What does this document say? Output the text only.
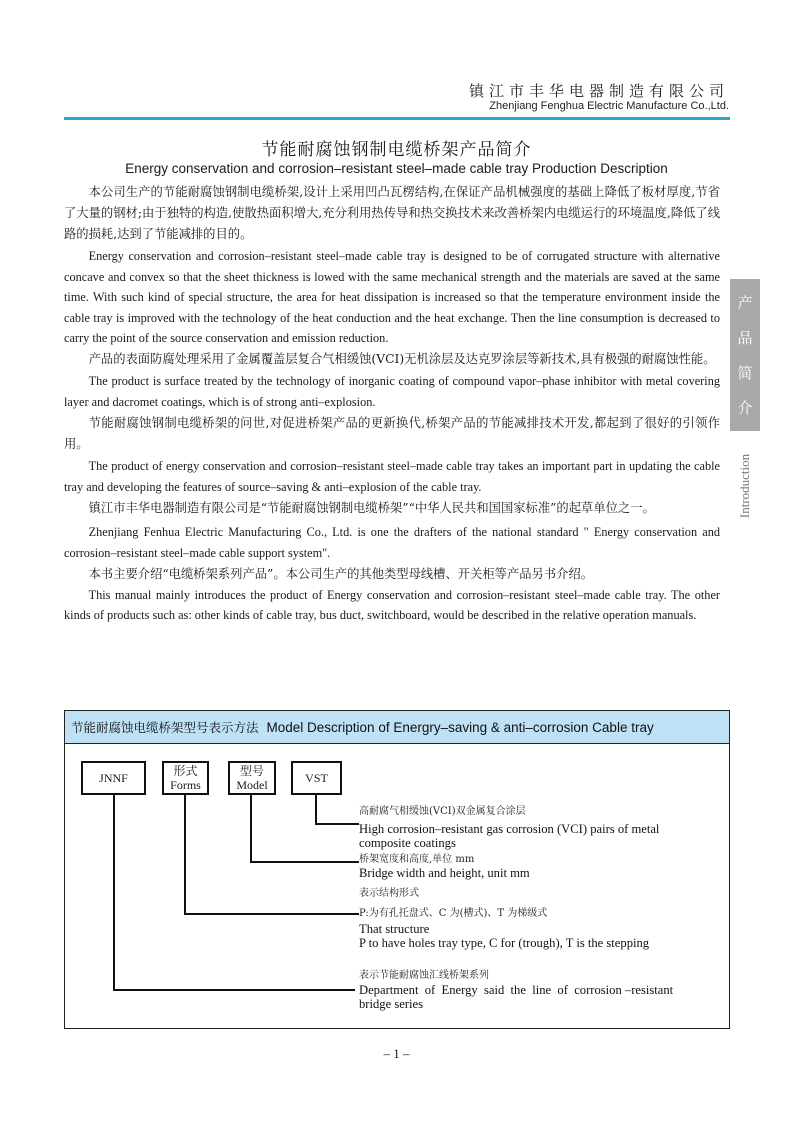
镇江市丰华电器制造有限公司
Zhenjiang Fenghua Electric Manufacture Co.,Ltd.
节能耐腐蚀钢制电缆桥架产品简介
Energy conservation and corrosion–resistant steel–made cable tray Production Description

本公司生产的节能耐腐蚀钢制电缆桥架,设计上采用凹凸瓦楞结构,在保证产品机械强度的基础上降低了板材厚度,节省了大量的钢材;由于独特的构造,使散热面积增大,充分利用热传导和热交换技术来改善桥架内电缆运行的环境温度,降低了线路的损耗,达到了节能减排的目的。

Energy conservation and corrosion–resistant steel–made cable tray is designed to be of corrugated structure with alternative concave and convex so that the sheet thickness is lowed with the same mechanical strength and the materials are saved at the same time. With such kind of special structure, the area for heat dissipation is increased so that the temperature environment inside the cable tray is improved with the technology of the heat conduction and the heat exchange. Then the line consumption is decreased to carry the point of the source conservation and emission reduction.

产品的表面防腐处理采用了金属覆盖层复合气相缓蚀(VCI)无机涂层及达克罗涂层等新技术,具有极强的耐腐蚀性能。

The product is surface treated by the technology of inorganic coating of compound vapor–phase inhibitor with metal covering layer and dacromet coatings, which is of strong anti–explosion.

节能耐腐蚀钢制电缆桥架的问世,对促进桥架产品的更新换代,桥架产品的节能减排技术开发,都起到了很好的引领作用。

The product of energy conservation and corrosion–resistant steel–made cable tray takes an important part in updating the cable tray and developing the features of source–saving & anti–explosion of the cable tray.

镇江市丰华电器制造有限公司是“节能耐腐蚀钢制电缆桥架”“中华人民共和国国家标准”的起草单位之一。

Zhenjiang Fenhua Electric Manufacturing Co., Ltd. is one the drafters of the national standard " Energy conservation and corrosion–resistant steel–made cable support system".

本书主要介绍“电缆桥架系列产品”。本公司生产的其他类型母线槽、开关柜等产品另书介绍。

This manual mainly introduces the product of Energy conservation and corrosion–resistant steel–made cable tray. The other kinds of products such as: other kinds of cable tray, bus duct, switchboard, would be described in the relative operation manuals.

产
品
简
介
Introduction
节能耐腐蚀电缆桥架型号表示方法 Model Description of Energry–saving & anti–corrosion Cable tray
JNNF	形式
Forms
型号
Model	VST
高耐腐气相缓蚀(VCI)双金属复合涂层
High corrosion–resistant gas corrosion (VCI) pairs of metal
composite coatings
桥架宽度和高度,单位 mm
Bridge width and height, unit mm
表示结构形式
P:为有孔托盘式、C 为(槽式)、T 为梯级式
That structure
P to have holes tray type, C for (trough), T is the stepping
表示节能耐腐蚀汇线桥架系列
Department  of  Energy  said  the  line  of  corrosion –resistant
bridge series
– 1 –
